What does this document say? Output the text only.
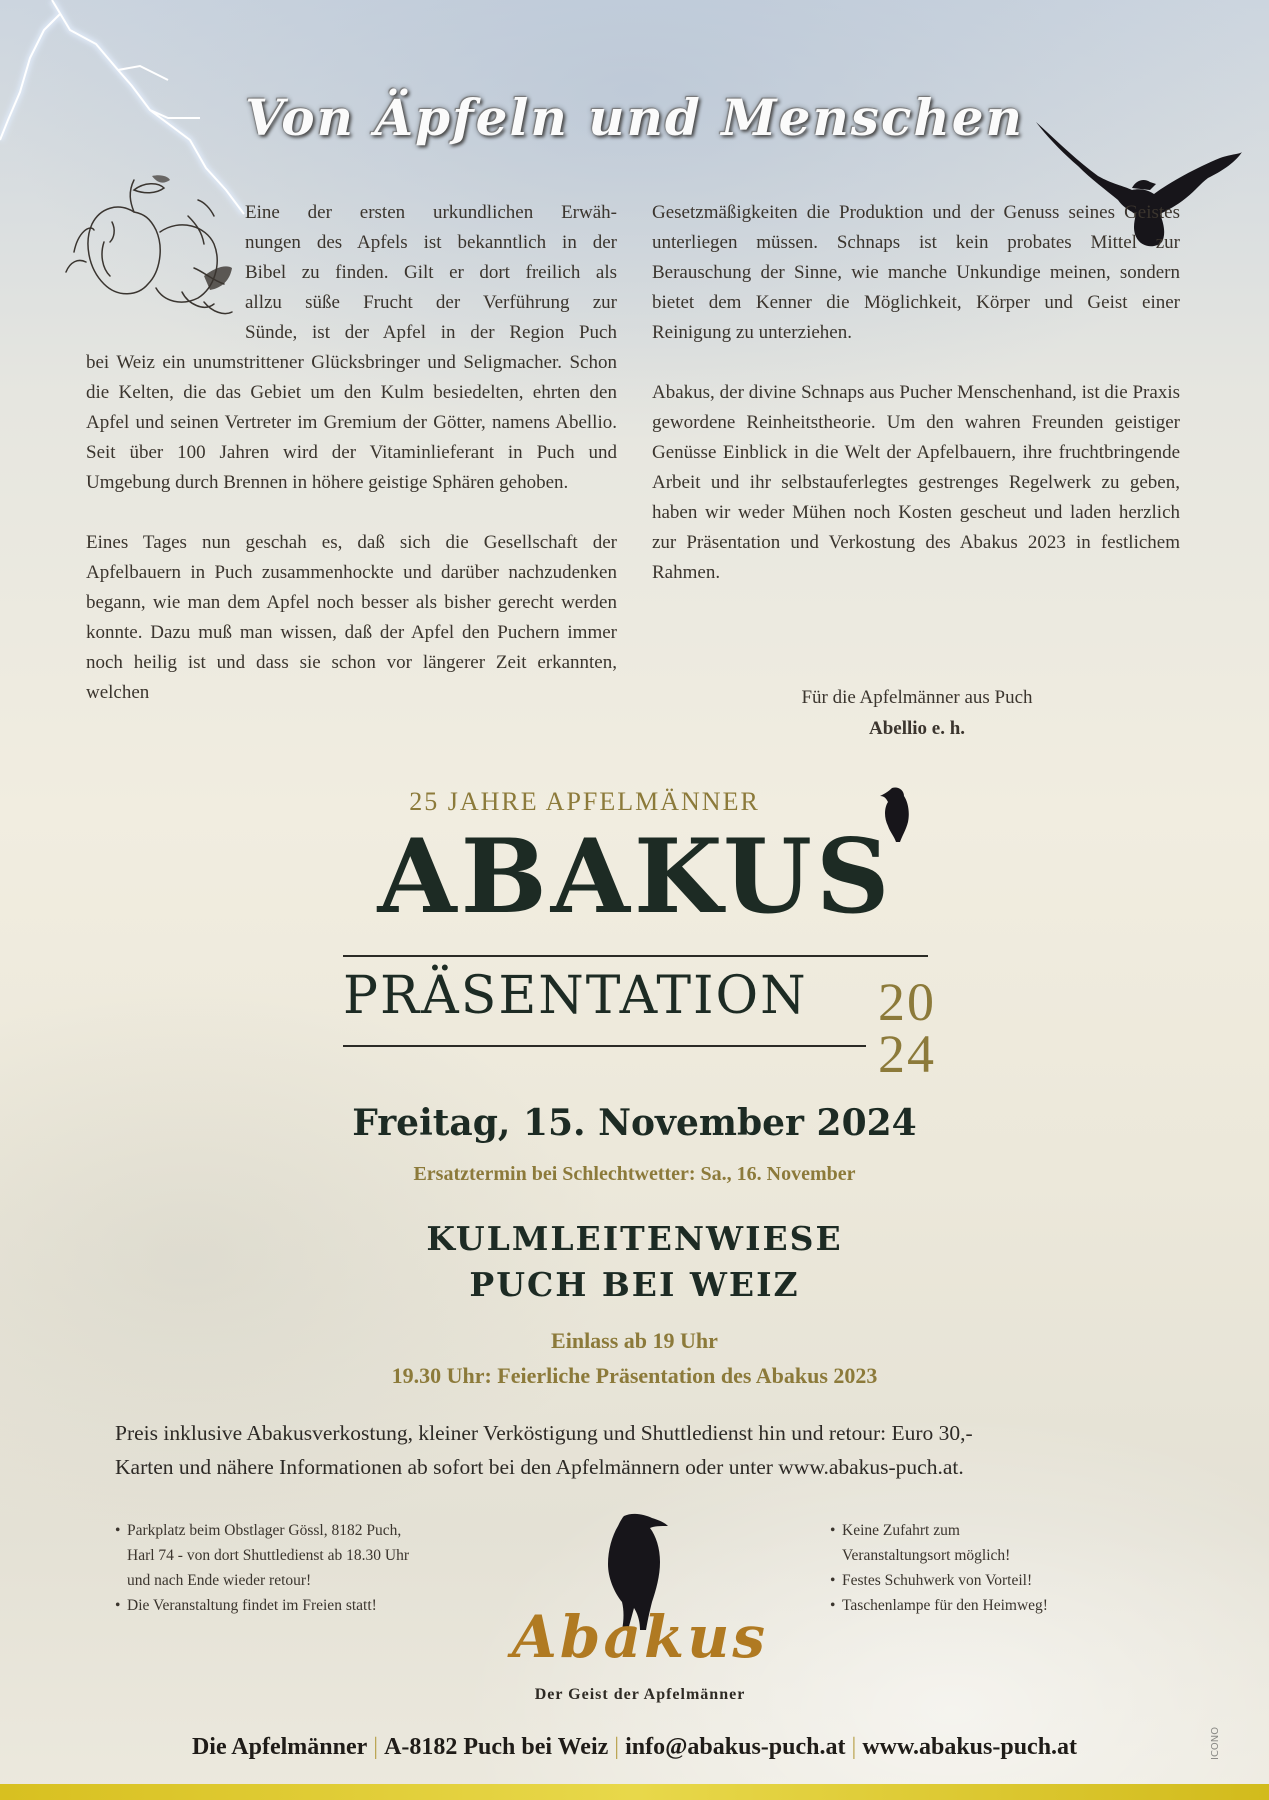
Von Äpfeln und Menschen
Eine der ersten urkundlichen Erwäh-
nungen des Apfels ist bekanntlich in der
Bibel zu finden. Gilt er dort freilich als
allzu süße Frucht der Verführung zur
Sünde, ist der Apfel in der Region Puch

bei Weiz ein unumstrittener Glücksbringer und Seligmacher. Schon die Kelten, die das Gebiet um den Kulm besiedelten, ehrten den Apfel und seinen Vertreter im Gremium der Götter, namens Abellio. Seit über 100 Jahren wird der Vitaminlieferant in Puch und Umgebung durch Brennen in höhere geistige Sphären gehoben.

Eines Tages nun geschah es, daß sich die Gesellschaft der Apfelbauern in Puch zusammenhockte und darüber nachzudenken begann, wie man dem Apfel noch besser als bisher gerecht werden konnte. Dazu muß man wissen, daß der Apfel den Puchern immer noch heilig ist und dass sie schon vor längerer Zeit erkannten, welchen

Gesetzmäßigkeiten die Produktion und der Genuss seines Geistes unterliegen müssen. Schnaps ist kein probates Mittel zur Berauschung der Sinne, wie manche Unkundige meinen, sondern bietet dem Kenner die Möglichkeit, Körper und Geist einer Reinigung zu unterziehen.

Abakus, der divine Schnaps aus Pucher Menschenhand, ist die Praxis gewordene Reinheitstheorie. Um den wahren Freunden geistiger Genüsse Einblick in die Welt der Apfelbauern, ihre fruchtbringende Arbeit und ihr selbstauferlegtes gestrenges Regelwerk zu geben, haben wir weder Mühen noch Kosten gescheut und laden herzlich zur Präsentation und Verkostung des Abakus 2023 in festlichem Rahmen.

Für die Apfelmänner aus Puch
Abellio e. h.
25 JAHRE APFELMÄNNER
ABAKUS
PRÄSENTATION 20
24
Freitag, 15. November 2024
Ersatztermin bei Schlechtwetter: Sa., 16. November
KULMLEITENWIESE
PUCH BEI WEIZ
Einlass ab 19 Uhr
19.30 Uhr: Feierliche Präsentation des Abakus 2023
Preis inklusive Abakusverkostung, kleiner Verköstigung und Shuttledienst hin und retour: Euro 30,-
Karten und nähere Informationen ab sofort bei den Apfelmännern oder unter www.abakus-puch.at.
• Parkplatz beim Obstlager Gössl, 8182 Puch,
Harl 74 - von dort Shuttledienst ab 18.30 Uhr
und nach Ende wieder retour!
• Die Veranstaltung findet im Freien statt!
• Keine Zufahrt zum
Veranstaltungsort möglich!
• Festes Schuhwerk von Vorteil!
• Taschenlampe für den Heimweg!
Abakus
Der Geist der Apfelmänner
Die Apfelmänner | A-8182 Puch bei Weiz | info@abakus-puch.at | www.abakus-puch.at	ICONO
